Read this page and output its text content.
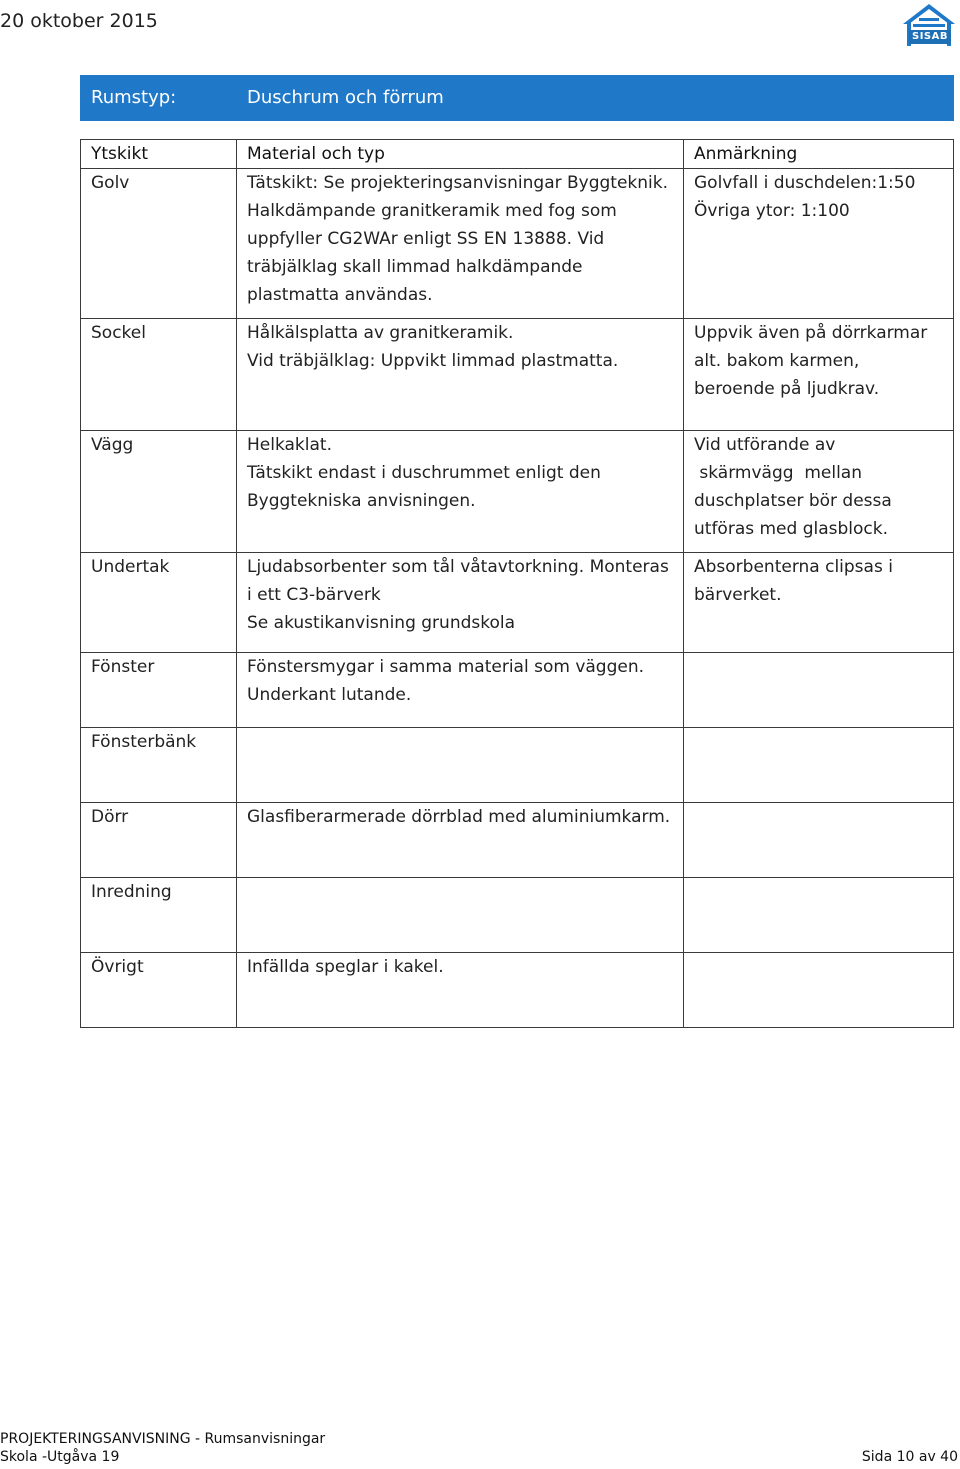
20 oktober 2015
SISAB
Rumstyp:	Duschrum och förrum	

Ytskikt	Material och typ	Anmärkning
Golv	Tätskikt: Se projekteringsanvisningar Byggteknik.
Halkdämpande granitkeramik med fog som
uppfyller CG2WAr enligt SS EN 13888. Vid
träbjälklag skall limmad halkdämpande
plastmatta användas.	Golvfall i duschdelen:1:50
Övriga ytor: 1:100

Sockel	Hålkälsplatta av granitkeramik.
Vid träbjälklag: Uppvikt limmad plastmatta.	Uppvik även på dörrkarmar
alt. bakom karmen,
beroende på ljudkrav.

Vägg	Helkaklat.
Tätskikt endast i duschrummet enligt den
Byggtekniska anvisningen.	Vid utförande av
skärmvägg  mellan
duschplatser bör dessa
utföras med glasblock.

Undertak	Ljudabsorbenter som tål våtavtorkning. Monteras
i ett C3-bärverk
Se akustikanvisning grundskola	Absorbenterna clipsas i
bärverket.

Fönster	Fönstersmygar i samma material som väggen.
Underkant lutande.	

Fönsterbänk		
Dörr	Glasfiberarmerade dörrblad med aluminiumkarm.	

Inredning		
Övrigt	Infällda speglar i kakel.	

PROJEKTERINGSANVISNING - Rumsanvisningar
Skola -Utgåva 19	Sida 10 av 40
